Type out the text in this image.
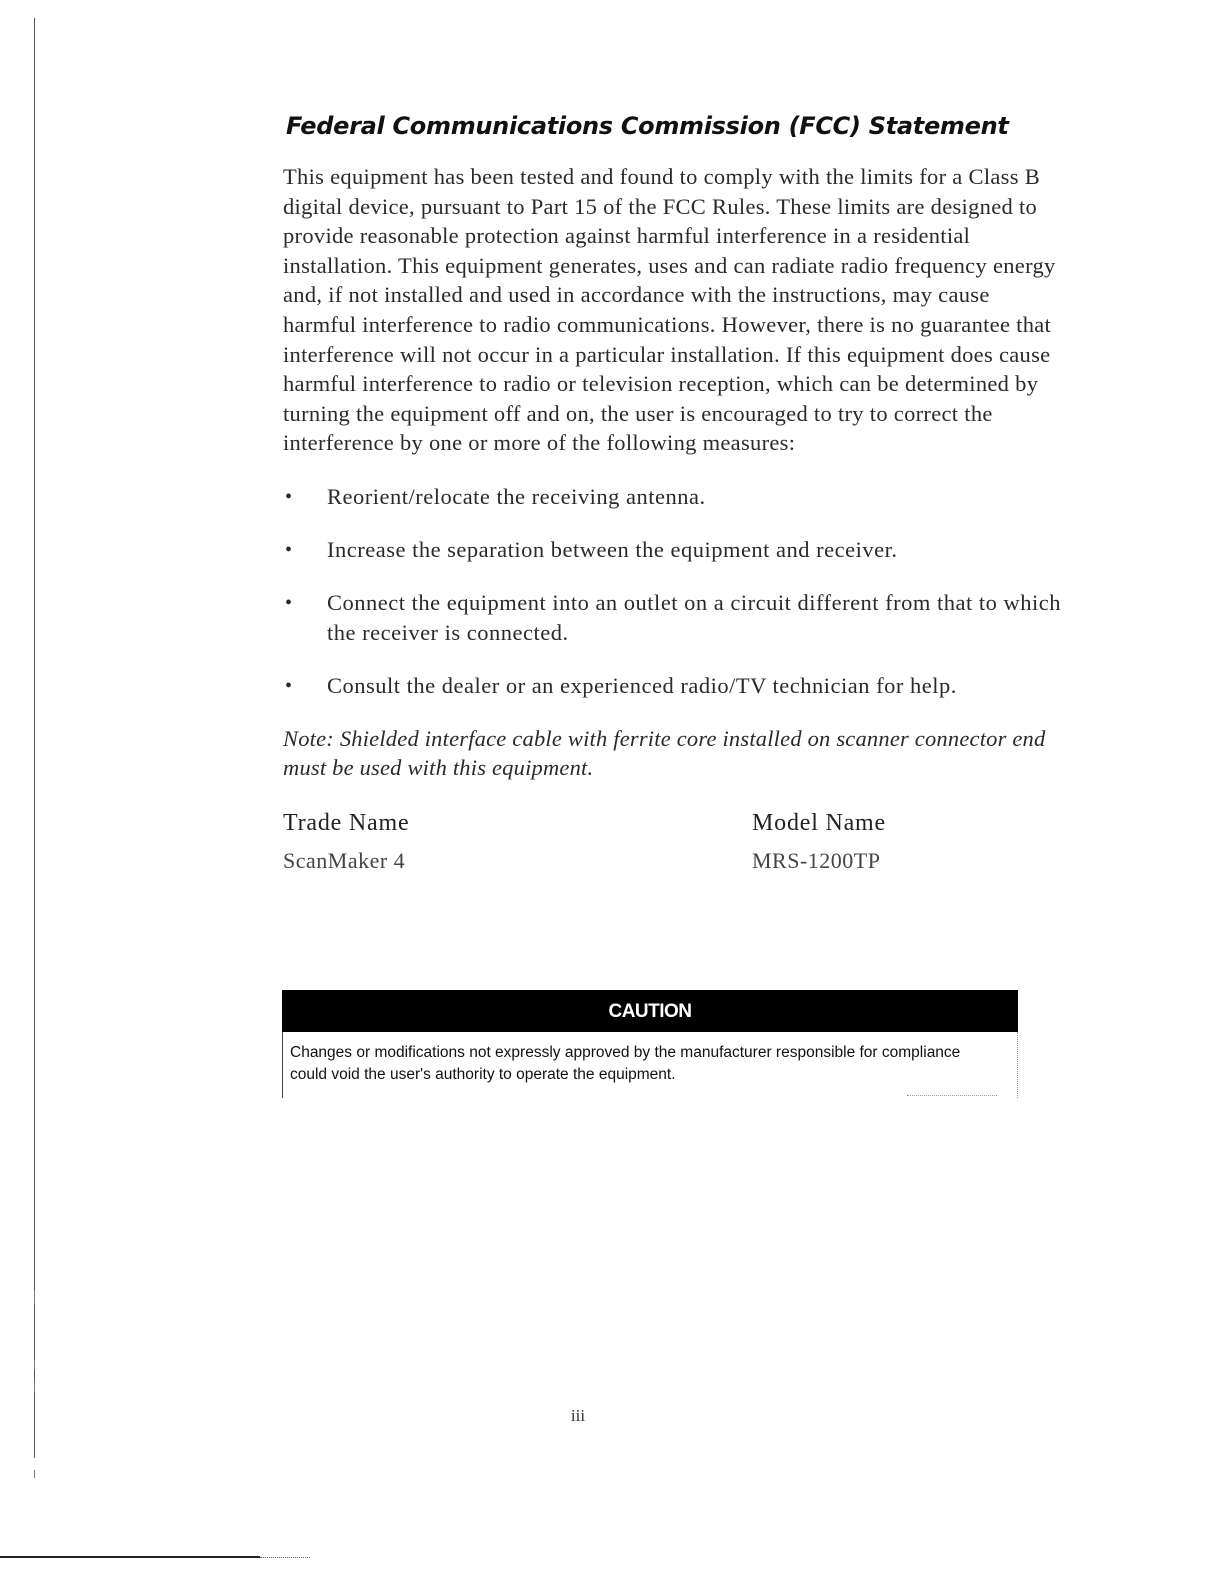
Federal Communications Commission (FCC) Statement

This equipment has been tested and found to comply with the limits for a Class B digital device, pursuant to Part 15 of the FCC Rules. These limits are designed to provide reasonable protection against harmful interference in a residential installation. This equipment generates, uses and can radiate radio frequency energy and, if not installed and used in accordance with the instructions, may cause harmful interference to radio communications. However, there is no guarantee that interference will not occur in a particular installation. If this equipment does cause harmful interference to radio or television reception, which can be determined by turning the equipment off and on, the user is encouraged to try to correct the interference by one or more of the following measures:

• Reorient/relocate the receiving antenna.
• Increase the separation between the equipment and receiver.
• Connect the equipment into an outlet on a circuit different from that to which the receiver is connected.
• Consult the dealer or an experienced radio/TV technician for help.

Note: Shielded interface cable with ferrite core installed on scanner connector end must be used with this equipment.

Trade Name
ScanMaker 4
Model Name
MRS-1200TP
CAUTION
Changes or modifications not expressly approved by the manufacturer responsible for compliance could void the user's authority to operate the equipment.
iii
